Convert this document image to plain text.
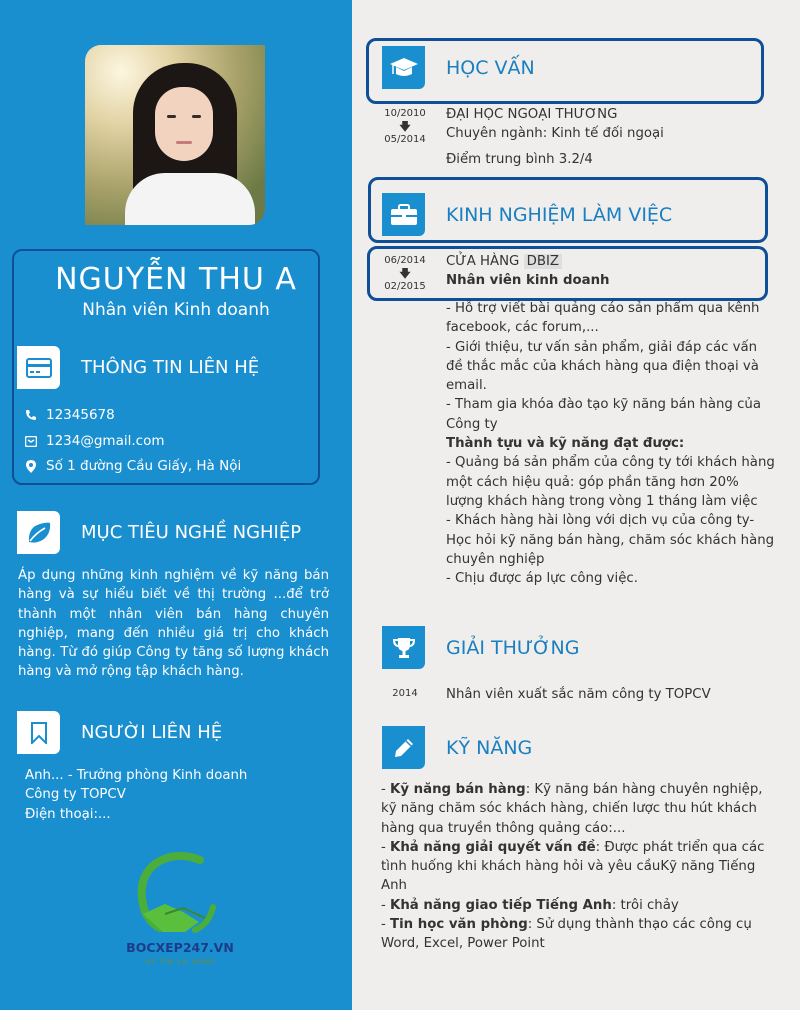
NGUYỄN THU A
Nhân viên Kinh doanh
THÔNG TIN LIÊN HỆ
12345678
1234@gmail.com
Số 1 đường Cầu Giấy, Hà Nội
MỤC TIÊU NGHỀ NGHIỆP
Áp dụng những kinh nghiệm về kỹ năng bán hàng và sự hiểu biết về thị trường ...để trở thành một nhân viên bán hàng chuyên nghiệp, mang đến nhiều giá trị cho khách hàng. Từ đó giúp Công ty tăng số lượng khách hàng và mở rộng tập khách hàng.
NGƯỜI LIÊN HỆ
Anh... - Trưởng phòng Kinh doanh
Công ty TOPCV
Điện thoại:...
BOCXEP247.VN
UY TÍN LÀ VÀNG
HỌC VẤN
10/2010
🡇
05/2014
ĐẠI HỌC NGOẠI THƯƠNG
Chuyên ngành: Kinh tế đối ngoại
Điểm trung bình 3.2/4
KINH NGHIỆM LÀM VIỆC
06/2014
🡇
02/2015
CỬA HÀNG DBIZ
Nhân viên kinh doanh
- Hỗ trợ viết bài quảng cáo sản phẩm qua kênh facebook, các forum,...
- Giới thiệu, tư vấn sản phẩm, giải đáp các vấn đề thắc mắc của khách hàng qua điện thoại và email.
- Tham gia khóa đào tạo kỹ năng bán hàng của Công ty
Thành tựu và kỹ năng đạt được:
- Quảng bá sản phẩm của công ty tới khách hàng một cách hiệu quả: góp phần tăng hơn 20% lượng khách hàng trong vòng 1 tháng làm việc
- Khách hàng hài lòng với dịch vụ của công ty- Học hỏi kỹ năng bán hàng, chăm sóc khách hàng chuyên nghiệp
- Chịu được áp lực công việc.
GIẢI THƯỞNG
2014	Nhân viên xuất sắc năm công ty TOPCV
KỸ NĂNG
- Kỹ năng bán hàng: Kỹ năng bán hàng chuyên nghiệp, kỹ năng chăm sóc khách hàng, chiến lược thu hút khách hàng qua truyền thông quảng cáo:...
- Khả năng giải quyết vấn đề: Được phát triển qua các tình huống khi khách hàng hỏi và yêu cầuKỹ năng Tiếng Anh
- Khả năng giao tiếp Tiếng Anh: trôi chảy
- Tin học văn phòng: Sử dụng thành thạo các công cụ Word, Excel, Power Point
